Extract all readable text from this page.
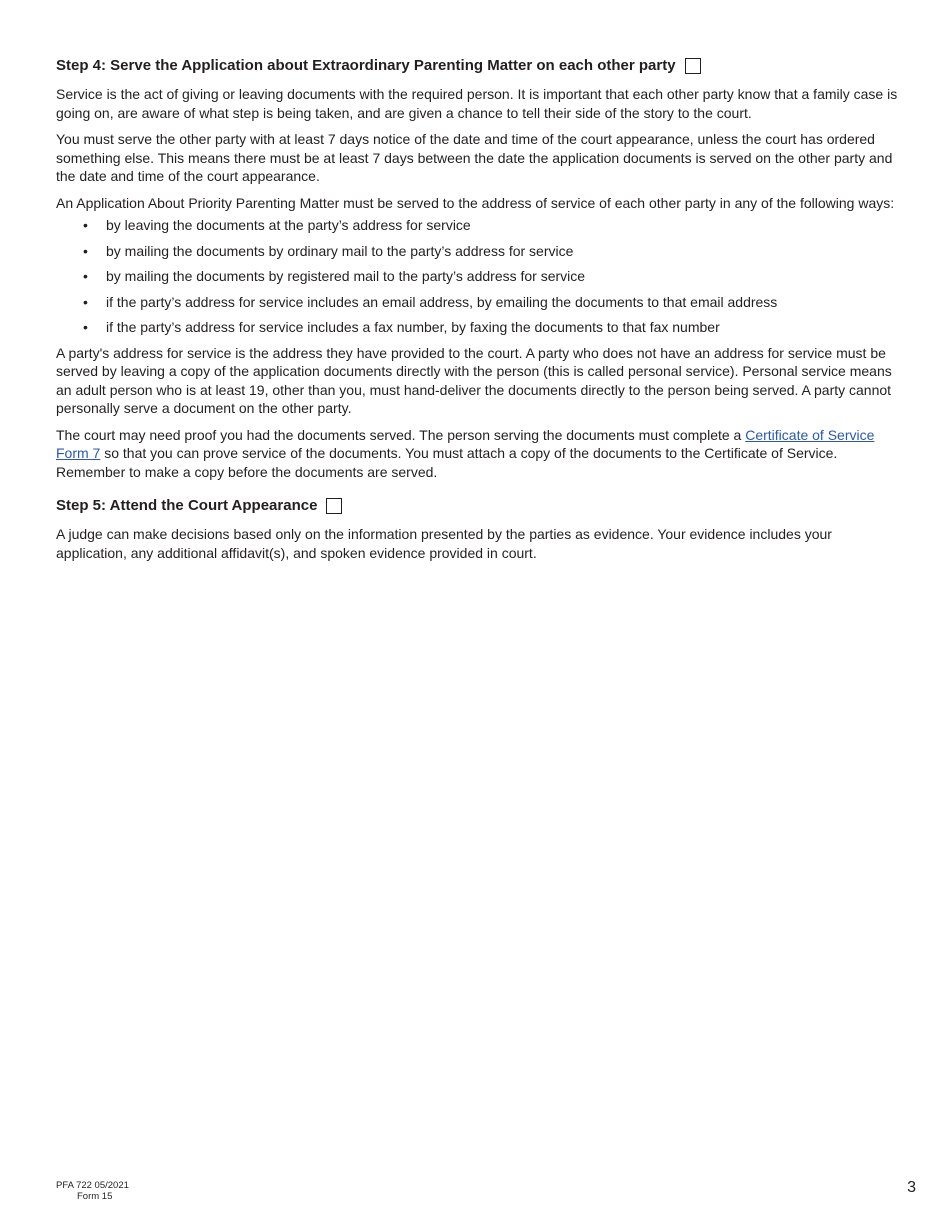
Step 4: Serve the Application about Extraordinary Parenting Matter on each other party

Service is the act of giving or leaving documents with the required person. It is important that each other party know that a family case is going on, are aware of what step is being taken, and are given a chance to tell their side of the story to the court.

You must serve the other party with at least 7 days notice of the date and time of the court appearance, unless the court has ordered something else. This means there must be at least 7 days between the date the application documents is served on the other party and the date and time of the court appearance.

An Application About Priority Parenting Matter must be served to the address of service of each other party in any of the following ways:

• by leaving the documents at the party’s address for service
• by mailing the documents by ordinary mail to the party’s address for service
• by mailing the documents by registered mail to the party’s address for service
• if the party’s address for service includes an email address, by emailing the documents to that email address
• if the party’s address for service includes a fax number, by faxing the documents to that fax number

A party's address for service is the address they have provided to the court. A party who does not have an address for service must be served by leaving a copy of the application documents directly with the person (this is called personal service). Personal service means an adult person who is at least 19, other than you, must hand-deliver the documents directly to the person being served. A party cannot personally serve a document on the other party.

The court may need proof you had the documents served. The person serving the documents must complete a Certificate of Service Form 7 so that you can prove service of the documents. You must attach a copy of the documents to the Certificate of Service. Remember to make a copy before the documents are served.

Step 5: Attend the Court Appearance

A judge can make decisions based only on the information presented by the parties as evidence. Your evidence includes your application, any additional affidavit(s), and spoken evidence provided in court.

PFA 722 05/2021
Form 15
3
